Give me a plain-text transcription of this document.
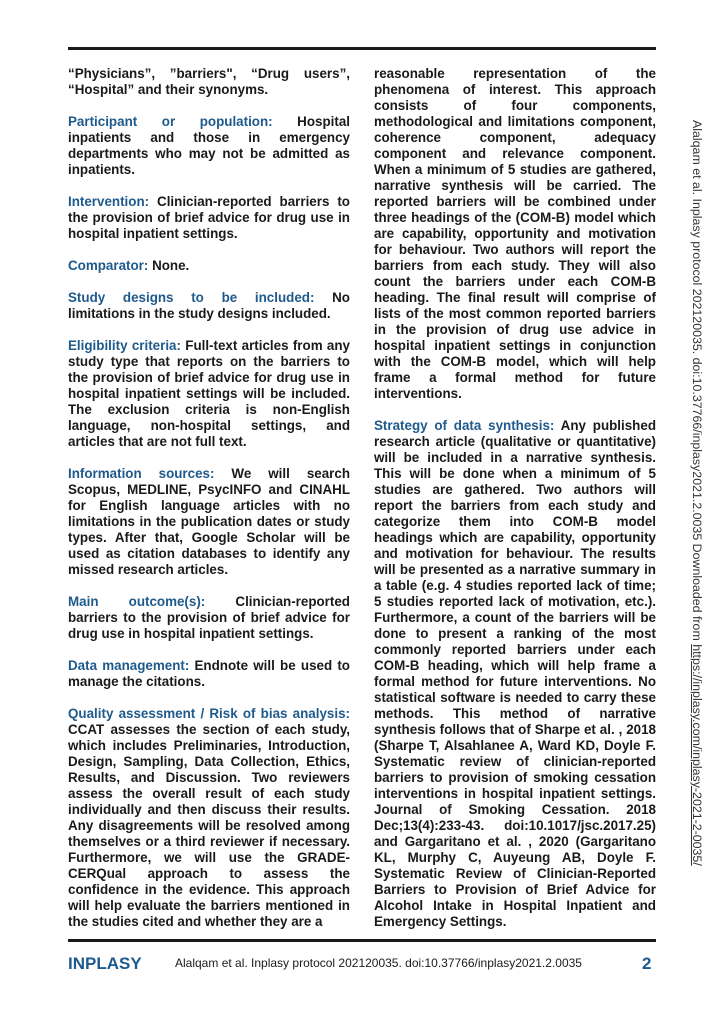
“Physicians”, ”barriers", “Drug users”, “Hospital” and their synonyms.

Participant or population: Hospital inpatients and those in emergency departments who may not be admitted as inpatients.

Intervention: Clinician-reported barriers to the provision of brief advice for drug use in hospital inpatient settings.

Comparator: None.

Study designs to be included: No limitations in the study designs included.

Eligibility criteria: Full-text articles from any study type that reports on the barriers to the provision of brief advice for drug use in hospital inpatient settings will be included. The exclusion criteria is non-English language, non-hospital settings, and articles that are not full text.

Information sources: We will search Scopus, MEDLINE, PsycINFO and CINAHL for English language articles with no limitations in the publication dates or study types. After that, Google Scholar will be used as citation databases to identify any missed research articles.

Main outcome(s): Clinician-reported barriers to the provision of brief advice for drug use in hospital inpatient settings.

Data management: Endnote will be used to manage the citations.

Quality assessment / Risk of bias analysis: CCAT assesses the section of each study, which includes Preliminaries, Introduction, Design, Sampling, Data Collection, Ethics, Results, and Discussion. Two reviewers assess the overall result of each study individually and then discuss their results. Any disagreements will be resolved among themselves or a third reviewer if necessary. Furthermore, we will use the GRADE-CERQual approach to assess the confidence in the evidence. This approach will help evaluate the barriers mentioned in the studies cited and whether they are a

reasonable representation of the phenomena of interest. This approach consists of four components, methodological and limitations component, coherence component, adequacy component and relevance component. When a minimum of 5 studies are gathered, narrative synthesis will be carried. The reported barriers will be combined under three headings of the (COM-B) model which are capability, opportunity and motivation for behaviour. Two authors will report the barriers from each study. They will also count the barriers under each COM-B heading. The final result will comprise of lists of the most common reported barriers in the provision of drug use advice in hospital inpatient settings in conjunction with the COM-B model, which will help frame a formal method for future interventions.

Strategy of data synthesis: Any published research article (qualitative or quantitative) will be included in a narrative synthesis. This will be done when a minimum of 5 studies are gathered. Two authors will report the barriers from each study and categorize them into COM-B model headings which are capability, opportunity and motivation for behaviour. The results will be presented as a narrative summary in a table (e.g. 4 studies reported lack of time; 5 studies reported lack of motivation, etc.). Furthermore, a count of the barriers will be done to present a ranking of the most commonly reported barriers under each COM-B heading, which will help frame a formal method for future interventions. No statistical software is needed to carry these methods. This method of narrative synthesis follows that of Sharpe et al. , 2018 (Sharpe T, Alsahlanee A, Ward KD, Doyle F. Systematic review of clinician-reported barriers to provision of smoking cessation interventions in hospital inpatient settings. Journal of Smoking Cessation. 2018 Dec;13(4):233-43. doi:10.1017/jsc.2017.25) and Gargaritano et al. , 2020 (Gargaritano KL, Murphy C, Auyeung AB, Doyle F. Systematic Review of Clinician-Reported Barriers to Provision of Brief Advice for Alcohol Intake in Hospital Inpatient and Emergency Settings.

Alalqam et al. Inplasy protocol 202120035. doi:10.37766/inplasy2021.2.0035 Downloaded from https://inplasy.com/inplasy-2021-2-0035/
INPLASY	Alalqam et al. Inplasy protocol 202120035. doi:10.37766/inplasy2021.2.0035	2
